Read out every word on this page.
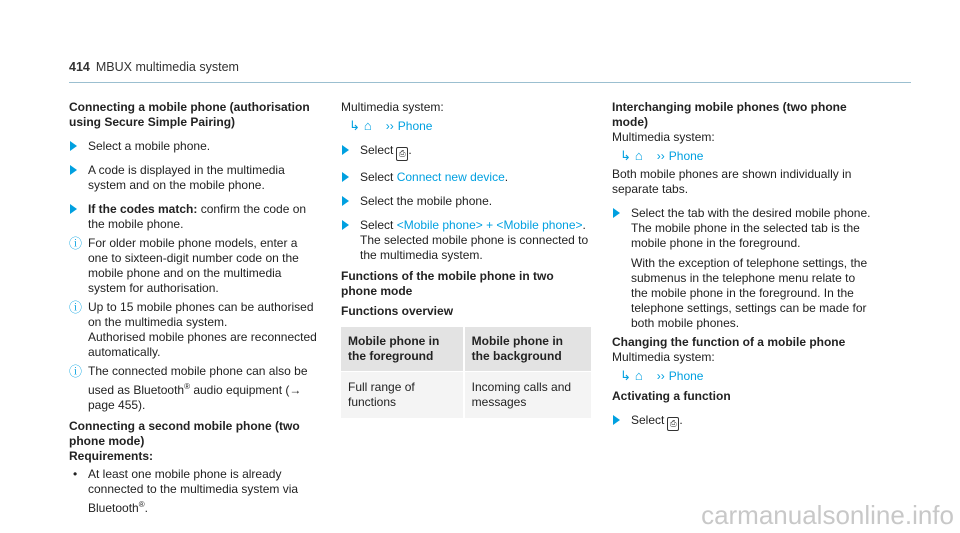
414 MBUX multimedia system

Connecting a mobile phone (authorisation using Secure Simple Pairing)

Select a mobile phone.
A code is displayed in the multimedia system and on the mobile phone.
If the codes match: confirm the code on the mobile phone.
ⓘ For older mobile phone models, enter a one to sixteen-digit number code on the mobile phone and on the multimedia system for authorisation.
ⓘ Up to 15 mobile phones can be authorised on the multimedia system.
Authorised mobile phones are reconnected automatically.
ⓘ The connected mobile phone can also be used as Bluetooth® audio equipment (→ page 455).

Connecting a second mobile phone (two phone mode)

Requirements:

• At least one mobile phone is already connected to the multimedia system via Bluetooth®.

Multimedia system:

↳ ⌂ ›› Phone
Select ⎙ .
Select Connect new device.
Select the mobile phone.
Select <Mobile phone> + <Mobile phone>.
The selected mobile phone is connected to the multimedia system.

Functions of the mobile phone in two phone mode

Functions overview

Mobile phone in the foreground	Mobile phone in the background
Full range of functions	Incoming calls and messages

Interchanging mobile phones (two phone mode)

Multimedia system:

↳ ⌂ ›› Phone

Both mobile phones are shown individually in separate tabs.

Select the tab with the desired mobile phone.
The mobile phone in the selected tab is the mobile phone in the foreground.
With the exception of telephone settings, the submenus in the telephone menu relate to the mobile phone in the foreground. In the telephone settings, settings can be made for both mobile phones.

Changing the function of a mobile phone

Multimedia system:

↳ ⌂ ›› Phone

Activating a function

Select ⎙ .
carmanualsonline.info
